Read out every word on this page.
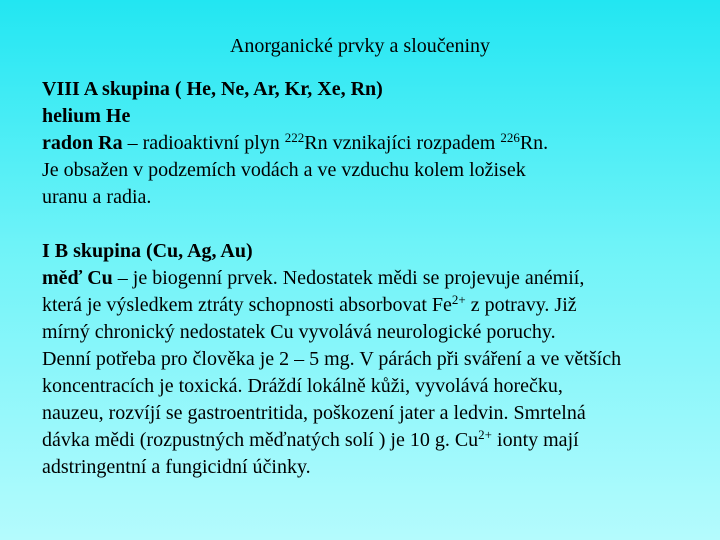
Anorganické prvky a sloučeniny
VIII A skupina ( He, Ne, Ar, Kr, Xe, Rn)
helium He
radon Ra – radioaktivní plyn $^{222}$Rn vznikajíci rozpadem $^{226}$Rn.
Je obsažen v podzemích vodách a ve vzduchu kolem ložisek
uranu a radia.
I B skupina (Cu, Ag, Au)
měď Cu – je biogenní prvek. Nedostatek mědi se projevuje anémií,
která je výsledkem ztráty schopnosti absorbovat $Fe^{2+}$ z potravy. Již
mírný chronický nedostatek Cu vyvolává neurologické poruchy.
Denní potřeba pro člověka je 2 – 5 mg. V párách při sváření a ve větších
koncentracích je toxická. Dráždí lokálně kůži, vyvolává horečku,
nauzeu, rozvíjí se gastroentritida, poškození jater a ledvin. Smrtelná
dávka mědi (rozpustných měďnatých solí ) je 10 g. $Cu^{2+}$ ionty mají
adstringentní a fungicidní účinky.
